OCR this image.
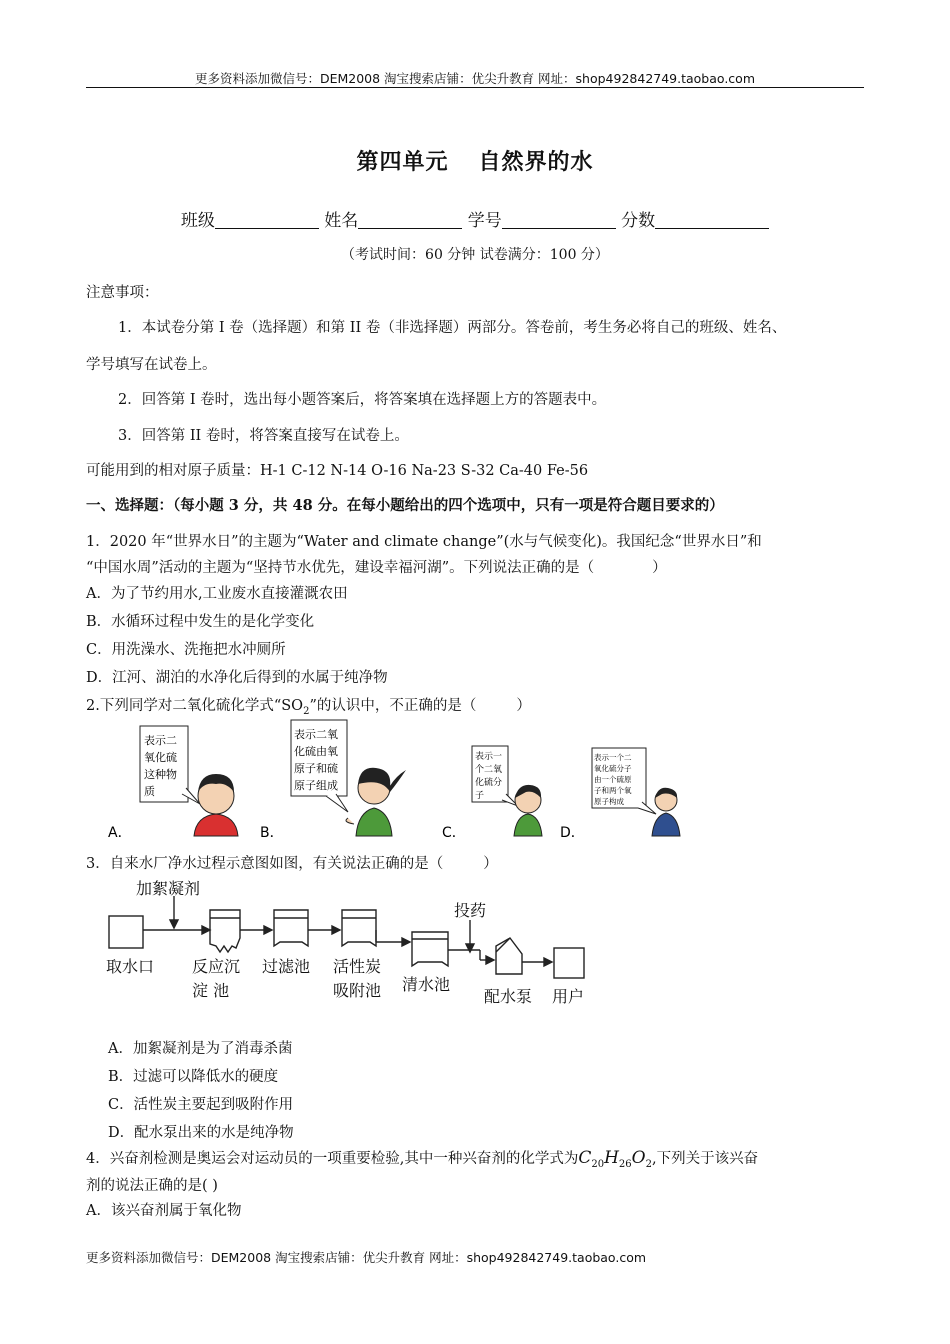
更多资料添加微信号：DEM2008 淘宝搜索店铺：优尖升教育 网址：shop492842749.taobao.com
更多资料添加微信号：DEM2008 淘宝搜索店铺：优尖升教育 网址：shop492842749.taobao.com
第四单元 自然界的水
班级	姓名	学号	分数
（考试时间：60 分钟 试卷满分：100 分）
注意事项：
1．本试卷分第 I 卷（选择题）和第 II 卷（非选择题）两部分。答卷前，考生务必将自己的班级、姓名、
学号填写在试卷上。
2．回答第 I 卷时，选出每小题答案后，将答案填在选择题上方的答题表中。
3．回答第 II 卷时，将答案直接写在试卷上。
可能用到的相对原子质量：H-1 C-12 N-14 O-16 Na-23 S-32 Ca-40 Fe-56
一、选择题：（每小题 3 分，共 48 分。在每小题给出的四个选项中，只有一项是符合题目要求的）
1．2020 年“世界水日”的主题为“Water and climate change”(水与气候变化)。我国纪念“世界水日”和
“中国水周”活动的主题为“坚持节水优先，建设幸福河湖”。下列说法正确的是（	）
A．为了节约用水,工业废水直接灌溉农田
B．水循环过程中发生的是化学变化
C．用洗澡水、洗拖把水冲厕所
D．江河、湖泊的水净化后得到的水属于纯净物
2.下列同学对二氧化硫化学式“$SO_2$”的认识中，不正确的是（	）
A．	B．	C．	D．
表示二
氧化硫
这种物
质
表示二氧
化硫由氧
原子和硫
原子组成
表示一
个二氧
化硫分
子
表示一个二
氧化硫分子
由一个硫原
子和两个氧
原子构成
3．自来水厂净水过程示意图如图，有关说法正确的是（	）
加絮凝剂
投药
取水口 反应沉
淀 池
过滤池 活性炭
吸附池 清水池
配水泵 用户
A．加絮凝剂是为了消毒杀菌
B．过滤可以降低水的硬度
C．活性炭主要起到吸附作用
D．配水泵出来的水是纯净物
4．兴奋剂检测是奥运会对运动员的一项重要检验,其中一种兴奋剂的化学式为$C_{20}H_{26}O_2$,下列关于该兴奋
剂的说法正确的是( )
A．该兴奋剂属于氧化物
